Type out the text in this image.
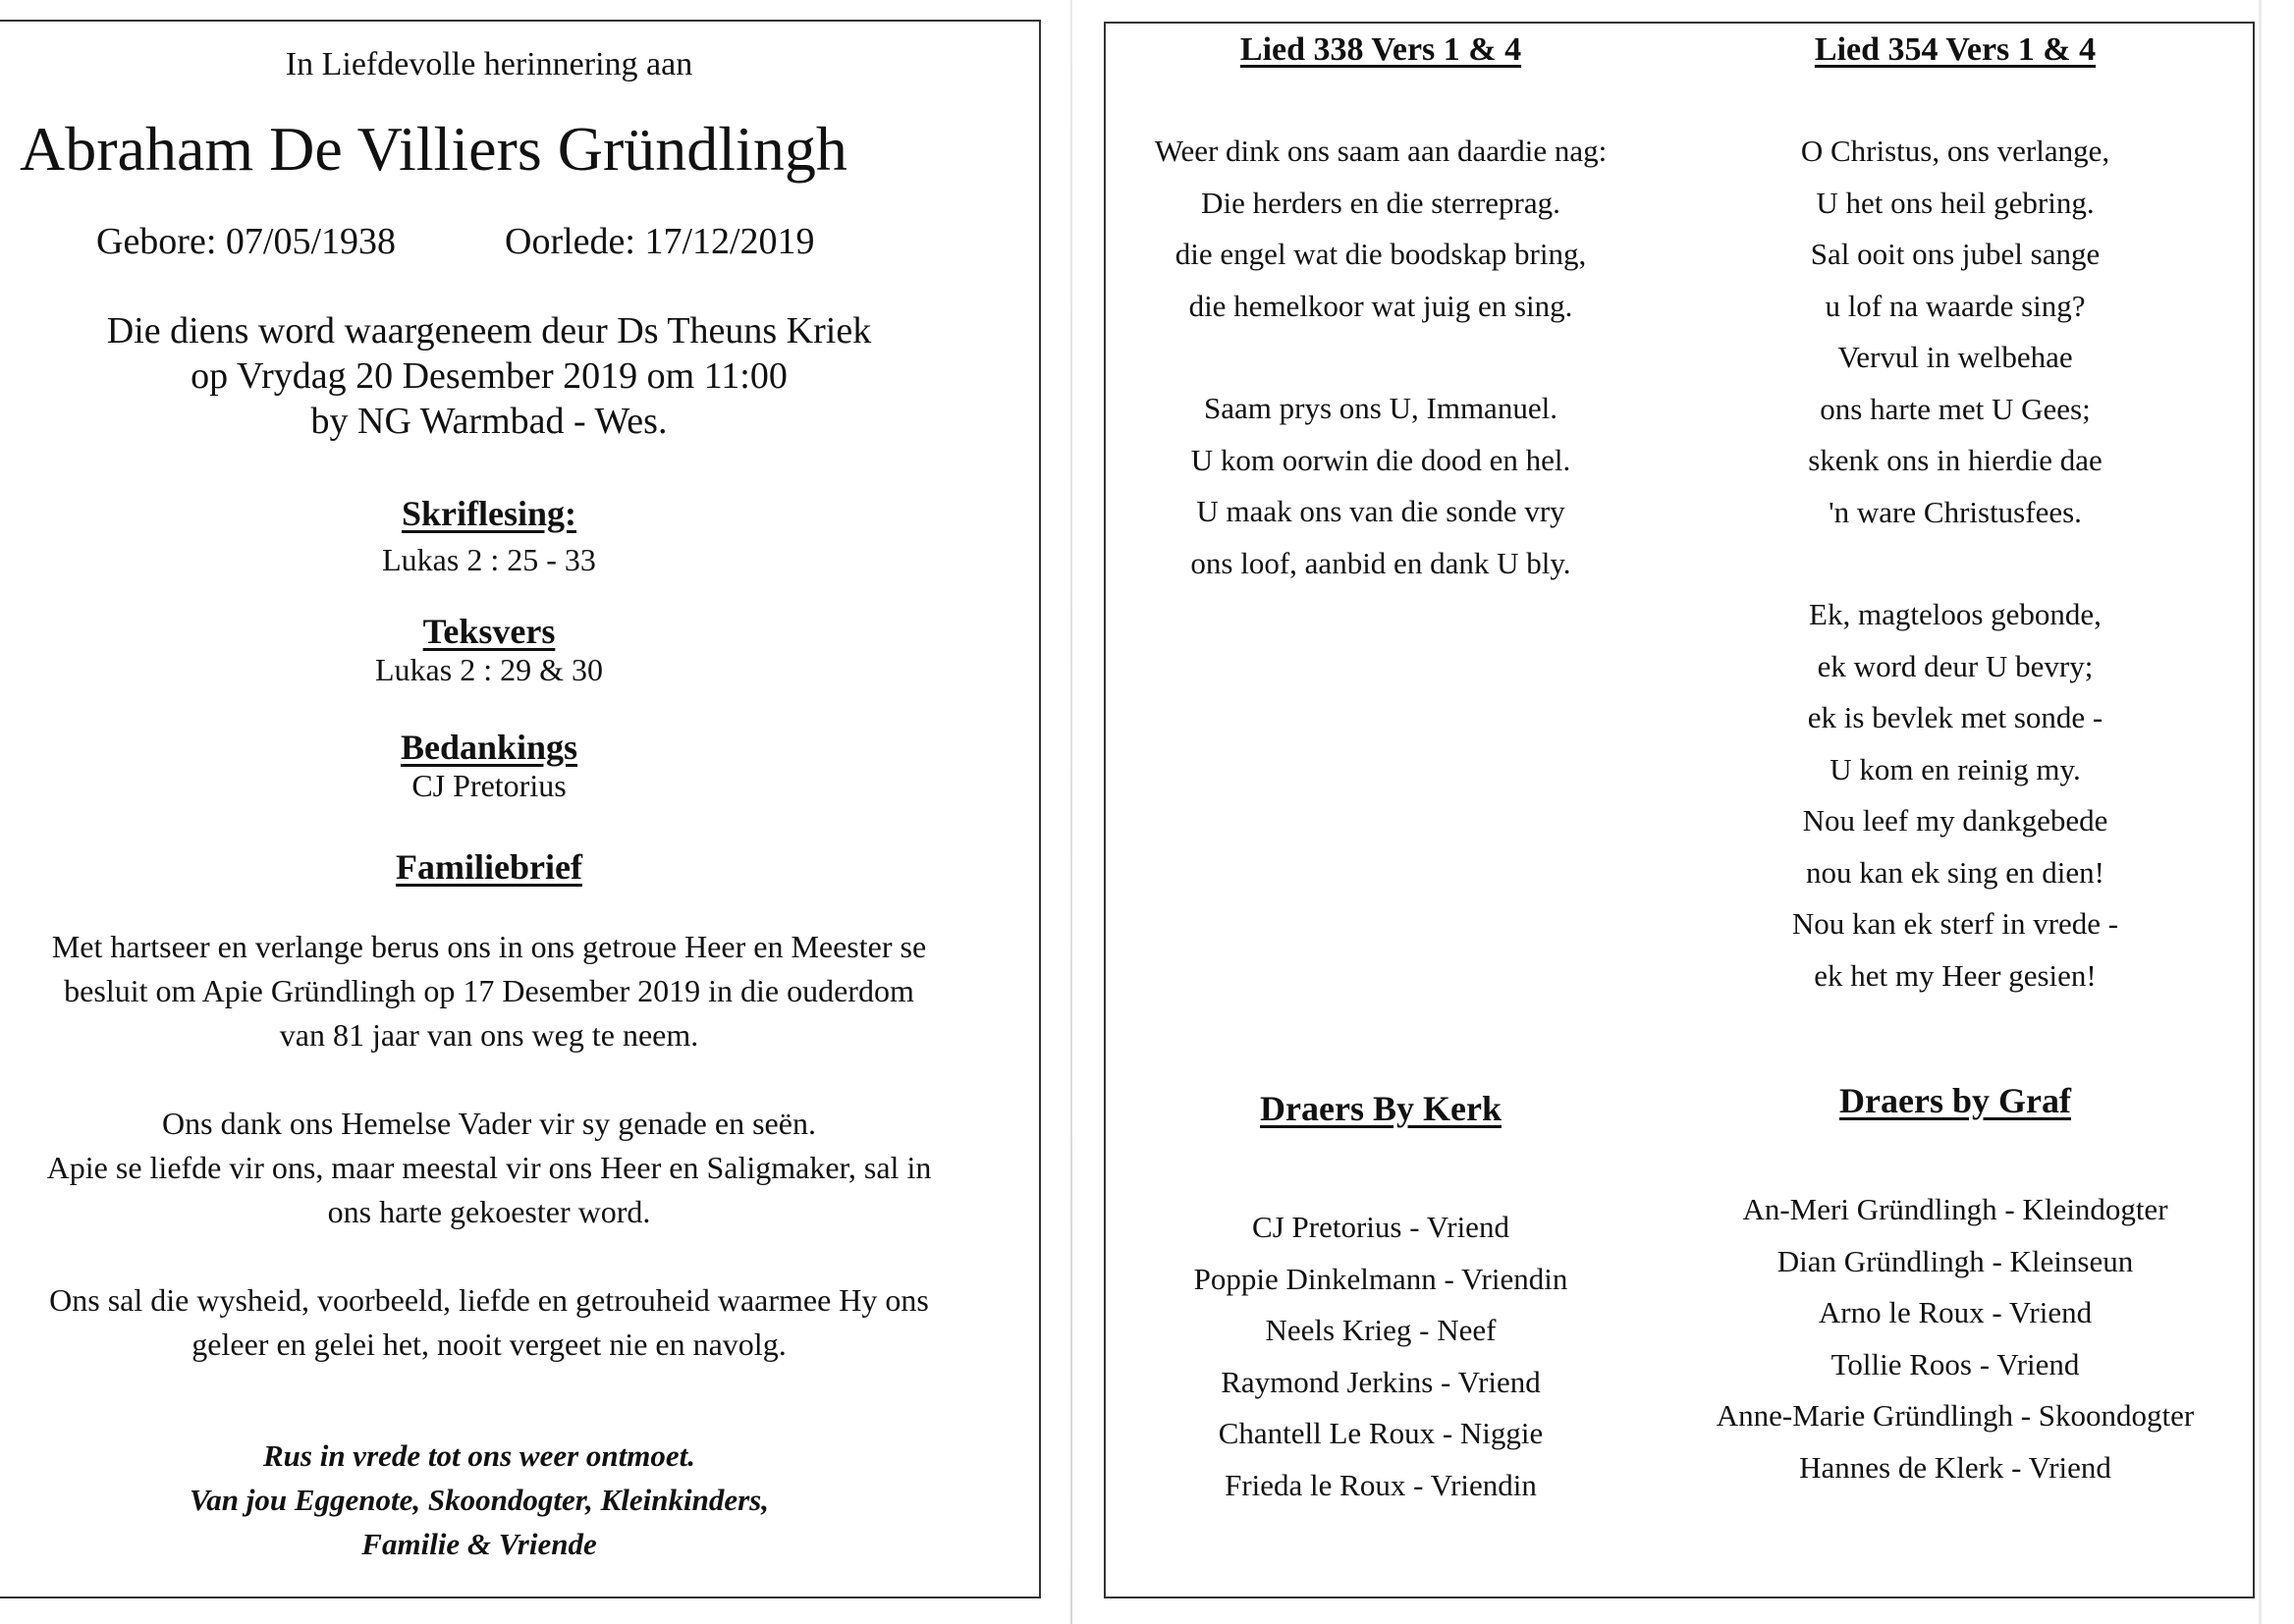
In Liefdevolle herinnering aan
Abraham De Villiers Gründlingh
Gebore: 07/05/1938	Oorlede: 17/12/2019
Die diens word waargeneem deur Ds Theuns Kriek
op Vrydag 20 Desember 2019 om 11:00
by NG Warmbad - Wes.
Skriflesing:
Lukas 2 : 25 - 33
Teksvers
Lukas 2 : 29 & 30
Bedankings
CJ Pretorius
Familiebrief
Met hartseer en verlange berus ons in ons getroue Heer en Meester se
besluit om Apie Gründlingh op 17 Desember 2019 in die ouderdom
van 81 jaar van ons weg te neem.
Ons dank ons Hemelse Vader vir sy genade en seën.
Apie se liefde vir ons, maar meestal vir ons Heer en Saligmaker, sal in
ons harte gekoester word.
Ons sal die wysheid, voorbeeld, liefde en getrouheid waarmee Hy ons
geleer en gelei het, nooit vergeet nie en navolg.
Rus in vrede tot ons weer ontmoet.
Van jou Eggenote, Skoondogter, Kleinkinders,
Familie & Vriende
Lied 338 Vers 1 & 4	Lied 354 Vers 1 & 4
Weer dink ons saam aan daardie nag:
Die herders en die sterreprag.
die engel wat die boodskap bring,
die hemelkoor wat juig en sing.
Saam prys ons U, Immanuel.
U kom oorwin die dood en hel.
U maak ons van die sonde vry
ons loof, aanbid en dank U bly.
O Christus, ons verlange,
U het ons heil gebring.
Sal ooit ons jubel sange
u lof na waarde sing?
Vervul in welbehae
ons harte met U Gees;
skenk ons in hierdie dae
'n ware Christusfees.
Ek, magteloos gebonde,
ek word deur U bevry;
ek is bevlek met sonde -
U kom en reinig my.
Nou leef my dankgebede
nou kan ek sing en dien!
Nou kan ek sterf in vrede -
ek het my Heer gesien!
Draers By Kerk
CJ Pretorius - Vriend
Poppie Dinkelmann - Vriendin
Neels Krieg - Neef
Raymond Jerkins - Vriend
Chantell Le Roux - Niggie
Frieda le Roux - Vriendin
Draers by Graf
An-Meri Gründlingh - Kleindogter
Dian Gründlingh - Kleinseun
Arno le Roux - Vriend
Tollie Roos - Vriend
Anne-Marie Gründlingh - Skoondogter
Hannes de Klerk - Vriend
